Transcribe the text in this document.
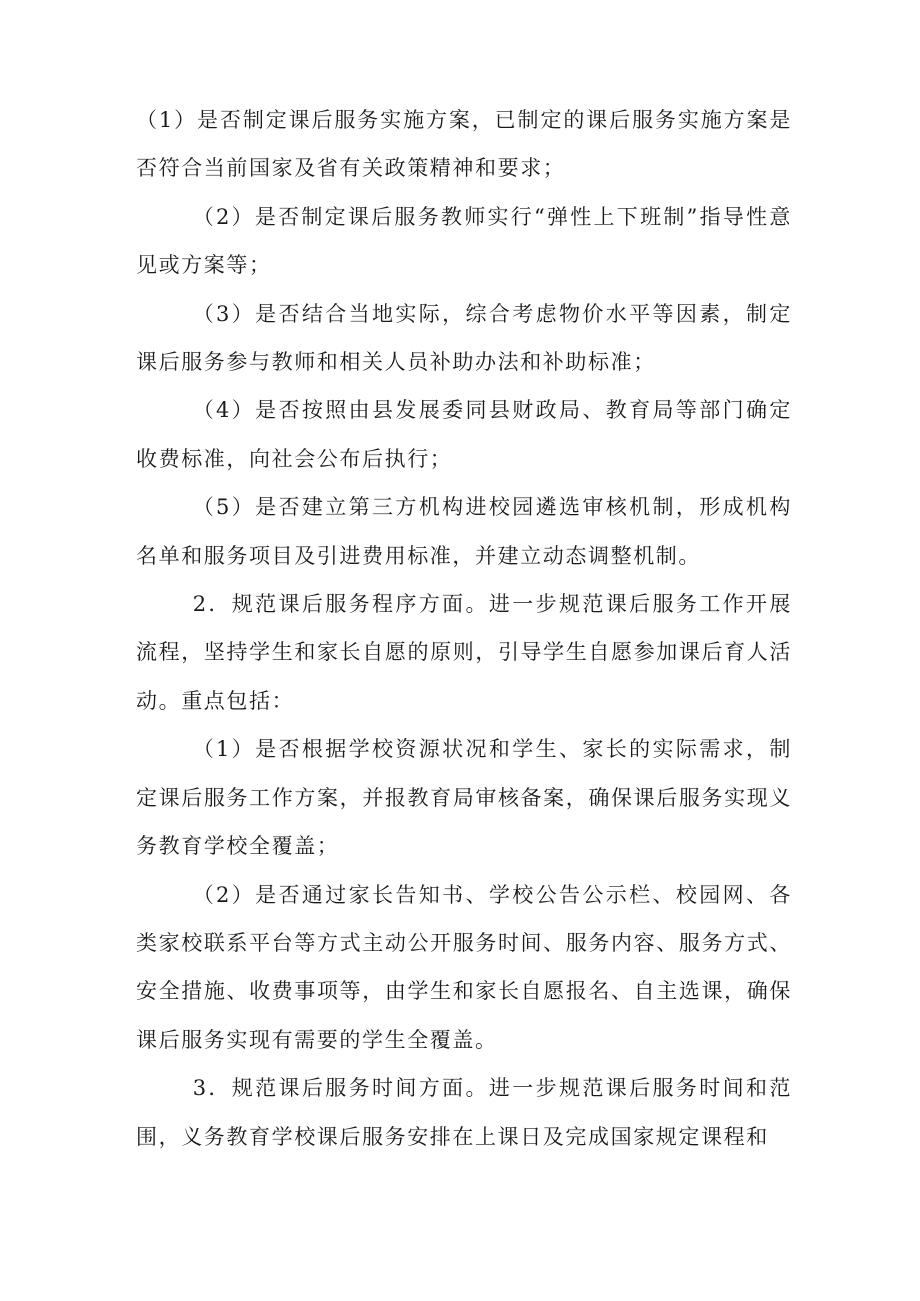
（1）是否制定课后服务实施方案，已制定的课后服务实施方案是否符合当前国家及省有关政策精神和要求；

（2）是否制定课后服务教师实行“弹性上下班制”指导性意见或方案等；

（3）是否结合当地实际，综合考虑物价水平等因素，制定课后服务参与教师和相关人员补助办法和补助标准；

（4）是否按照由县发展委同县财政局、教育局等部门确定收费标准，向社会公布后执行；

（5）是否建立第三方机构进校园遴选审核机制，形成机构名单和服务项目及引进费用标准，并建立动态调整机制。

2．规范课后服务程序方面。进一步规范课后服务工作开展流程，坚持学生和家长自愿的原则，引导学生自愿参加课后育人活动。重点包括：

（1）是否根据学校资源状况和学生、家长的实际需求，制定课后服务工作方案，并报教育局审核备案，确保课后服务实现义务教育学校全覆盖；

（2）是否通过家长告知书、学校公告公示栏、校园网、各类家校联系平台等方式主动公开服务时间、服务内容、服务方式、安全措施、收费事项等，由学生和家长自愿报名、自主选课，确保课后服务实现有需要的学生全覆盖。

3．规范课后服务时间方面。进一步规范课后服务时间和范围，义务教育学校课后服务安排在上课日及完成国家规定课程和
